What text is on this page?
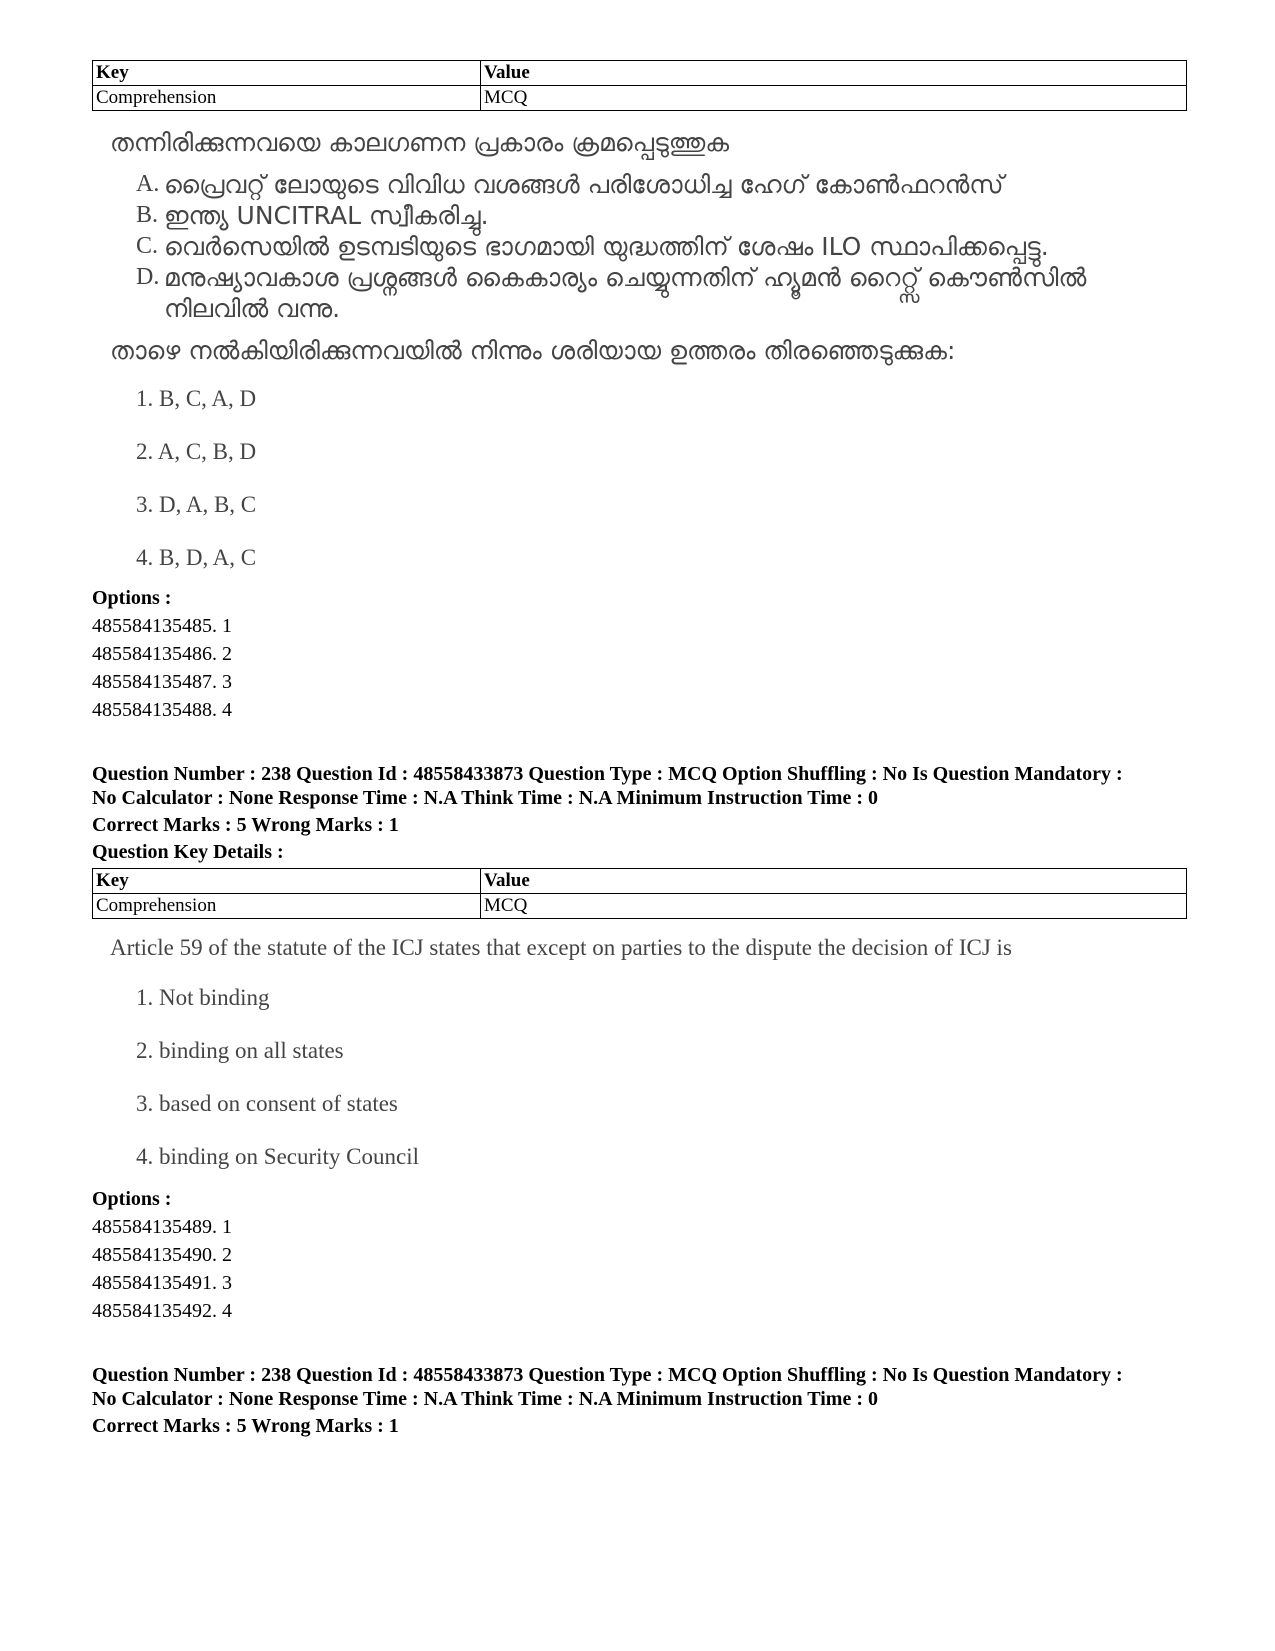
Key	Value
Comprehension	MCQ
തന്നിരിക്കുന്നവയെ കാലഗണന പ്രകാരം ക്രമപ്പെടുത്തുക
A. പ്രൈവറ്റ് ലോയുടെ വിവിധ വശങ്ങൾ പരിശോധിച്ച ഹേഗ് കോൺഫറൻസ്
B. ഇന്ത്യ UNCITRAL സ്വീകരിച്ചു.
C. വെർസെയിൽ ഉടമ്പടിയുടെ ഭാഗമായി യുദ്ധത്തിന് ശേഷം ILO സ്ഥാപിക്കപ്പെട്ടു.
D. മനുഷ്യാവകാശ പ്രശ്നങ്ങൾ കൈകാര്യം ചെയ്യുന്നതിന് ഹ്യൂമൻ റൈറ്റ്സ് കൌൺസിൽ നിലവിൽ വന്നു.
താഴെ നൽകിയിരിക്കുന്നവയിൽ നിന്നും ശരിയായ ഉത്തരം തിരഞ്ഞെടുക്കുക:
1. B, C, A, D
2. A, C, B, D
3. D, A, B, C
4. B, D, A, C
Options :
485584135485. 1
485584135486. 2
485584135487. 3
485584135488. 4
Question Number : 238 Question Id : 48558433873 Question Type : MCQ Option Shuffling : No Is Question Mandatory :
No Calculator : None Response Time : N.A Think Time : N.A Minimum Instruction Time : 0
Correct Marks : 5 Wrong Marks : 1
Question Key Details :
Key	Value
Comprehension	MCQ
Article 59 of the statute of the ICJ states that except on parties to the dispute the decision of ICJ is
1. Not binding
2. binding on all states
3. based on consent of states
4. binding on Security Council
Options :
485584135489. 1
485584135490. 2
485584135491. 3
485584135492. 4
Question Number : 238 Question Id : 48558433873 Question Type : MCQ Option Shuffling : No Is Question Mandatory :
No Calculator : None Response Time : N.A Think Time : N.A Minimum Instruction Time : 0
Correct Marks : 5 Wrong Marks : 1
